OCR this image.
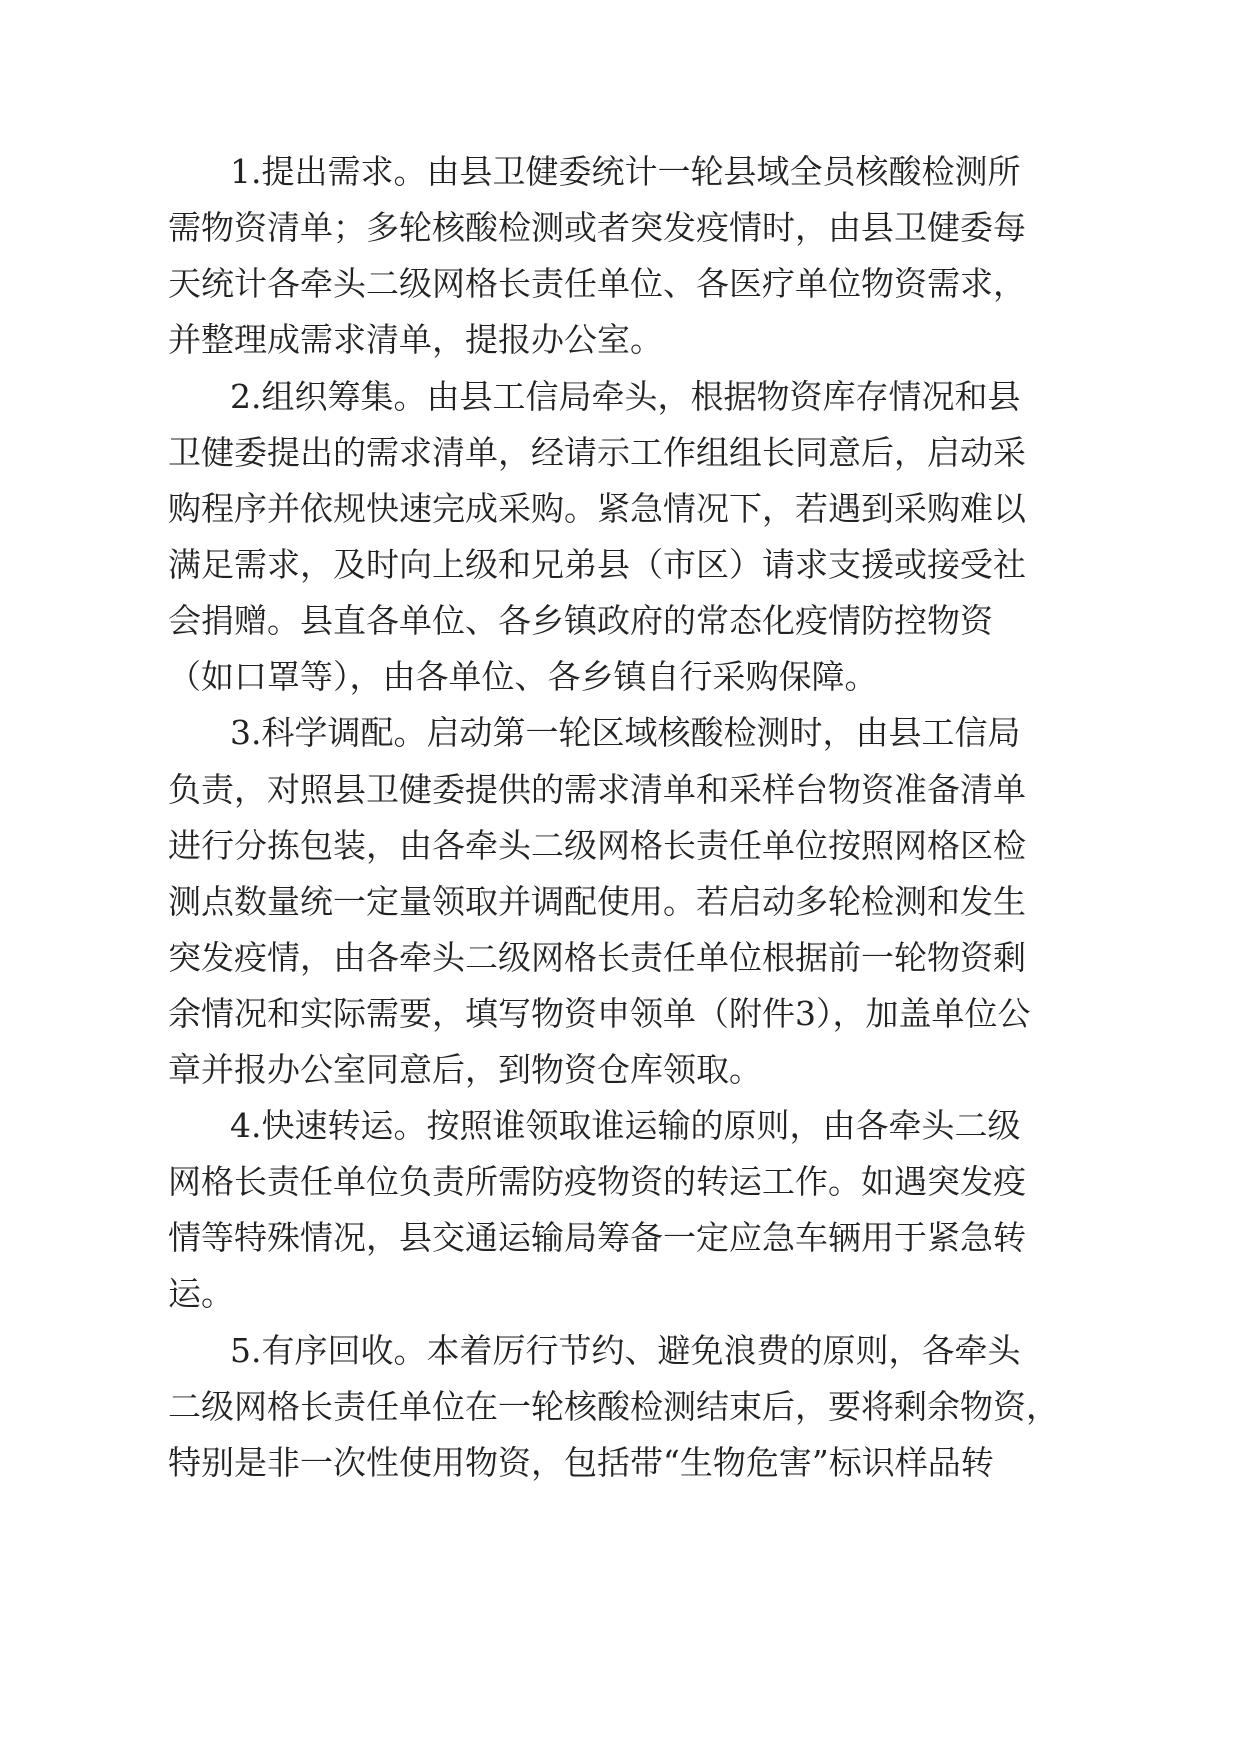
1.提出需求。由县卫健委统计一轮县域全员核酸检测所
需物资清单；多轮核酸检测或者突发疫情时，由县卫健委每
天统计各牵头二级网格长责任单位、各医疗单位物资需求，
并整理成需求清单，提报办公室。
2.组织筹集。由县工信局牵头，根据物资库存情况和县
卫健委提出的需求清单，经请示工作组组长同意后，启动采
购程序并依规快速完成采购。紧急情况下，若遇到采购难以
满足需求，及时向上级和兄弟县（市区）请求支援或接受社
会捐赠。县直各单位、各乡镇政府的常态化疫情防控物资
（如口罩等），由各单位、各乡镇自行采购保障。
3.科学调配。启动第一轮区域核酸检测时，由县工信局
负责，对照县卫健委提供的需求清单和采样台物资准备清单
进行分拣包装，由各牵头二级网格长责任单位按照网格区检
测点数量统一定量领取并调配使用。若启动多轮检测和发生
突发疫情，由各牵头二级网格长责任单位根据前一轮物资剩
余情况和实际需要，填写物资申领单（附件3），加盖单位公
章并报办公室同意后，到物资仓库领取。
4.快速转运。按照谁领取谁运输的原则，由各牵头二级
网格长责任单位负责所需防疫物资的转运工作。如遇突发疫
情等特殊情况，县交通运输局筹备一定应急车辆用于紧急转
运。
5.有序回收。本着厉行节约、避免浪费的原则，各牵头
二级网格长责任单位在一轮核酸检测结束后，要将剩余物资，
特别是非一次性使用物资，包括带“生物危害”标识样品转
